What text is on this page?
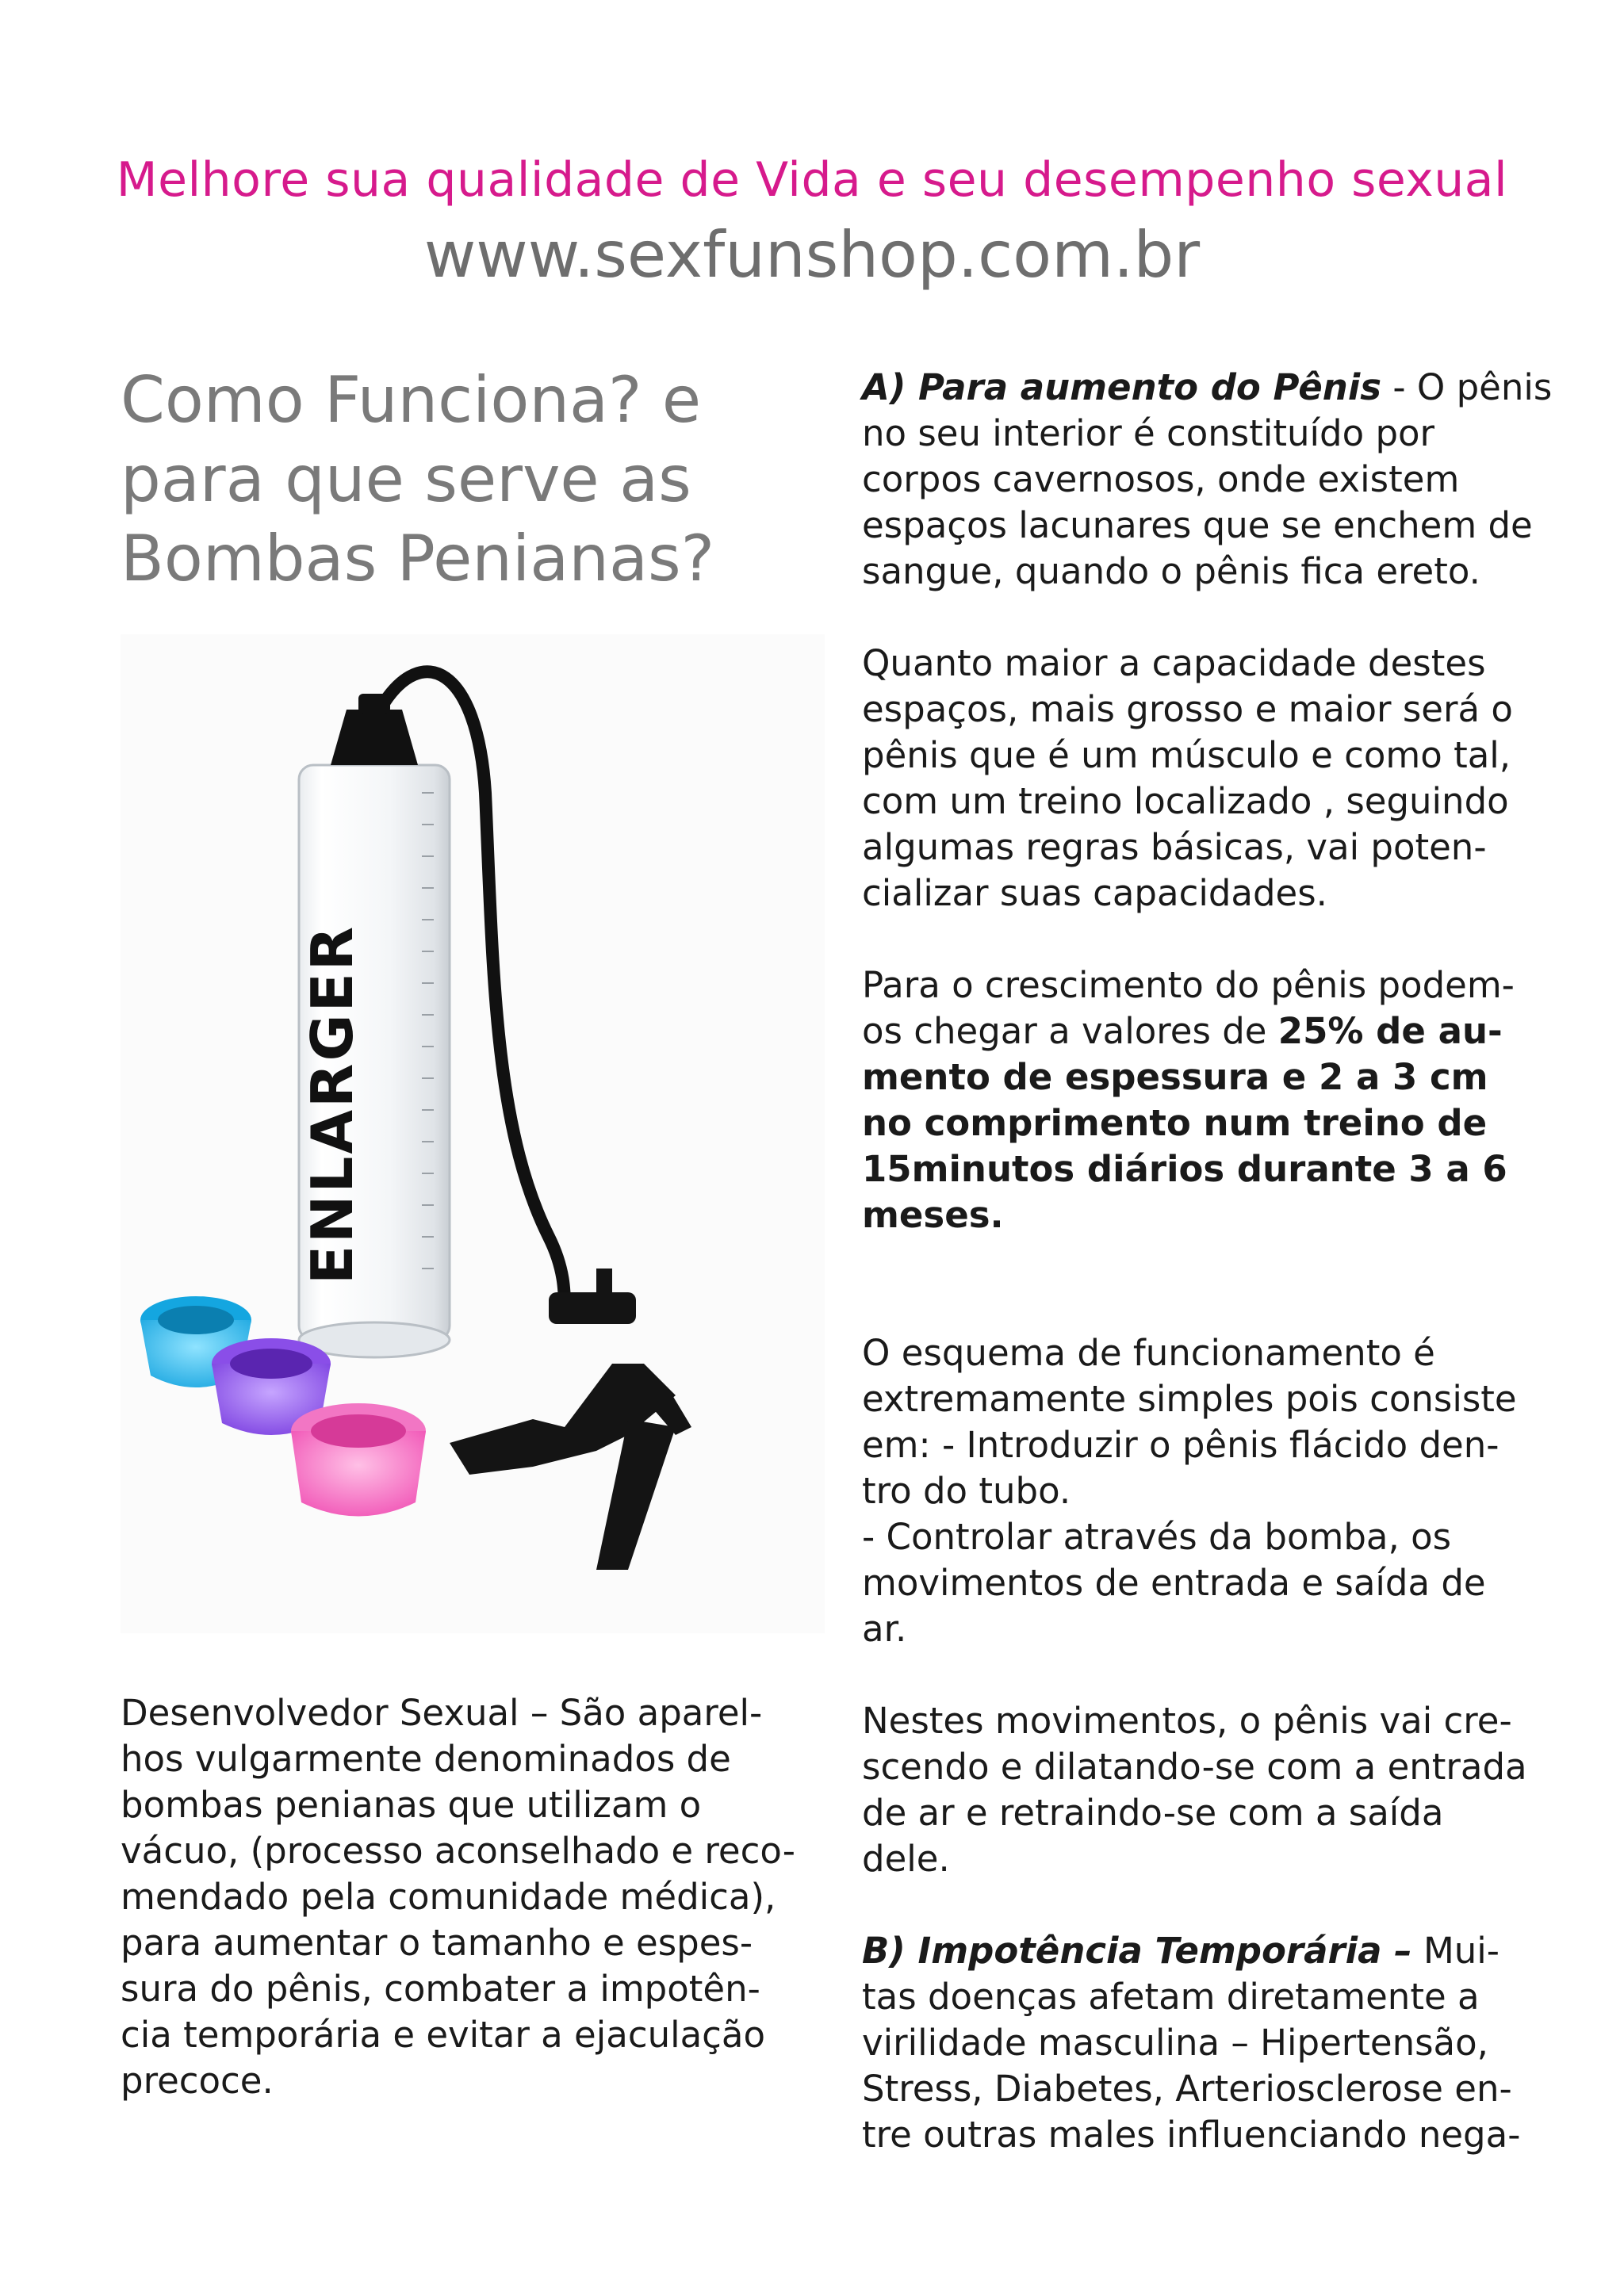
Melhore sua qualidade de Vida e seu desempenho sexual
www.sexfunshop.com.br
Como Funciona? e
para que serve as
Bombas Penianas?
ENLARGER
Desenvolvedor Sexual – São aparel-
hos vulgarmente denominados de
bombas penianas que utilizam o
vácuo, (processo aconselhado e reco-
mendado pela comunidade médica),
para aumentar o tamanho e espes-
sura do pênis, combater a impotên-
cia temporária e evitar a ejaculação
precoce.
A) Para aumento do Pênis - O pênis
no seu interior é constituído por
corpos cavernosos, onde existem
espaços lacunares que se enchem de
sangue, quando o pênis fica ereto.
Quanto maior a capacidade destes
espaços, mais grosso e maior será o
pênis que é um músculo e como tal,
com um treino localizado , seguindo
algumas regras básicas, vai poten-
cializar suas capacidades.
Para o crescimento do pênis podem-
os chegar a valores de 25% de au-
mento de espessura e 2 a 3 cm
no comprimento num treino de
15minutos diários durante 3 a 6
meses.
O esquema de funcionamento é
extremamente simples pois consiste
em: - Introduzir o pênis flácido den-
tro do tubo.
- Controlar através da bomba, os
movimentos de entrada e saída de
ar.
Nestes movimentos, o pênis vai cre-
scendo e dilatando-se com a entrada
de ar e retraindo-se com a saída
dele.
B) Impotência Temporária – Mui-
tas doenças afetam diretamente a
virilidade masculina – Hipertensão,
Stress, Diabetes, Arteriosclerose en-
tre outras males influenciando nega-
